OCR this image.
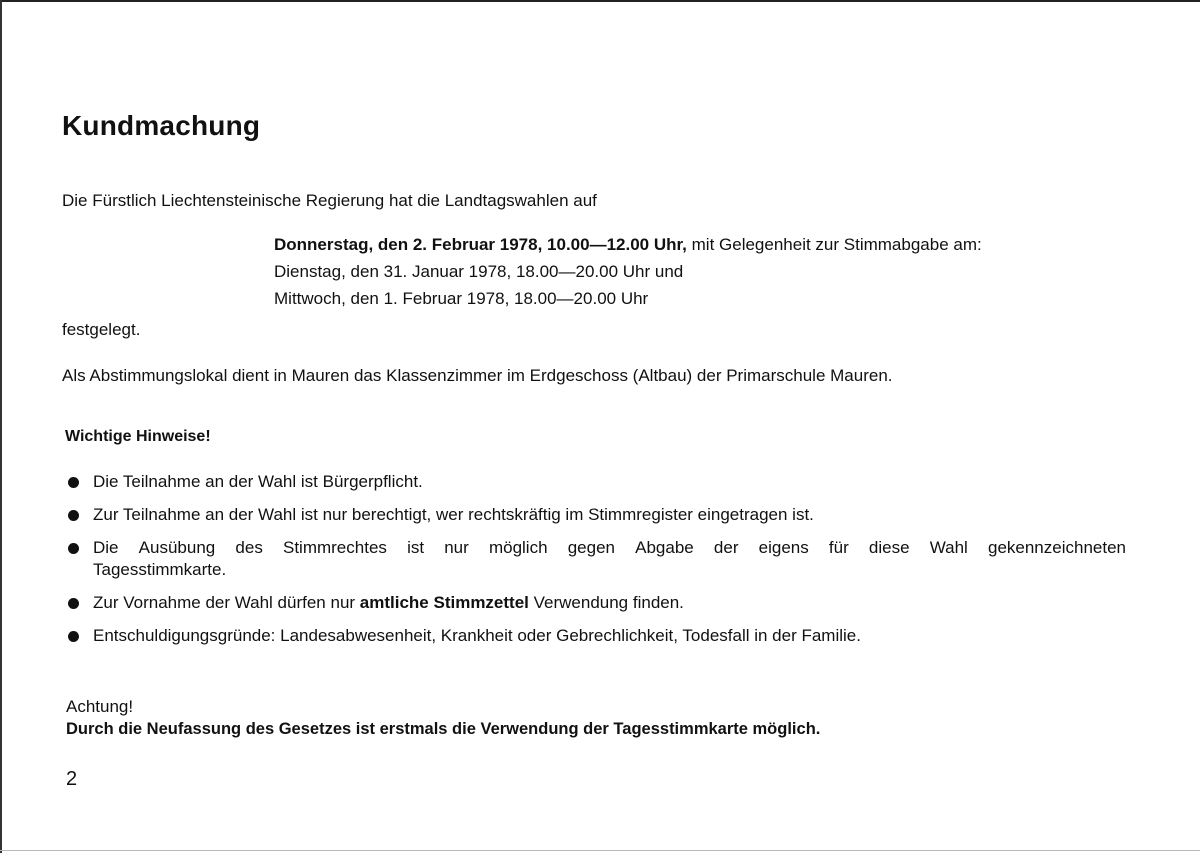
Kundmachung
Die Fürstlich Liechtensteinische Regierung hat die Landtagswahlen auf
Donnerstag, den 2. Februar 1978, 10.00—12.00 Uhr, mit Gelegenheit zur Stimmabgabe am:
Dienstag, den 31. Januar 1978, 18.00—20.00 Uhr und
Mittwoch, den 1. Februar 1978, 18.00—20.00 Uhr
festgelegt.
Als Abstimmungslokal dient in Mauren das Klassenzimmer im Erdgeschoss (Altbau) der Primarschule Mauren.
Wichtige Hinweise!
Die Teilnahme an der Wahl ist Bürgerpflicht.
Zur Teilnahme an der Wahl ist nur berechtigt, wer rechtskräftig im Stimmregister eingetragen ist.
Die Ausübung des Stimmrechtes ist nur möglich gegen Abgabe der eigens für diese Wahl gekennzeichneten
Tagesstimmkarte.
Zur Vornahme der Wahl dürfen nur amtliche Stimmzettel Verwendung finden.
Entschuldigungsgründe: Landesabwesenheit, Krankheit oder Gebrechlichkeit, Todesfall in der Familie.
Achtung!
Durch die Neufassung des Gesetzes ist erstmals die Verwendung der Tagesstimmkarte möglich.
2
